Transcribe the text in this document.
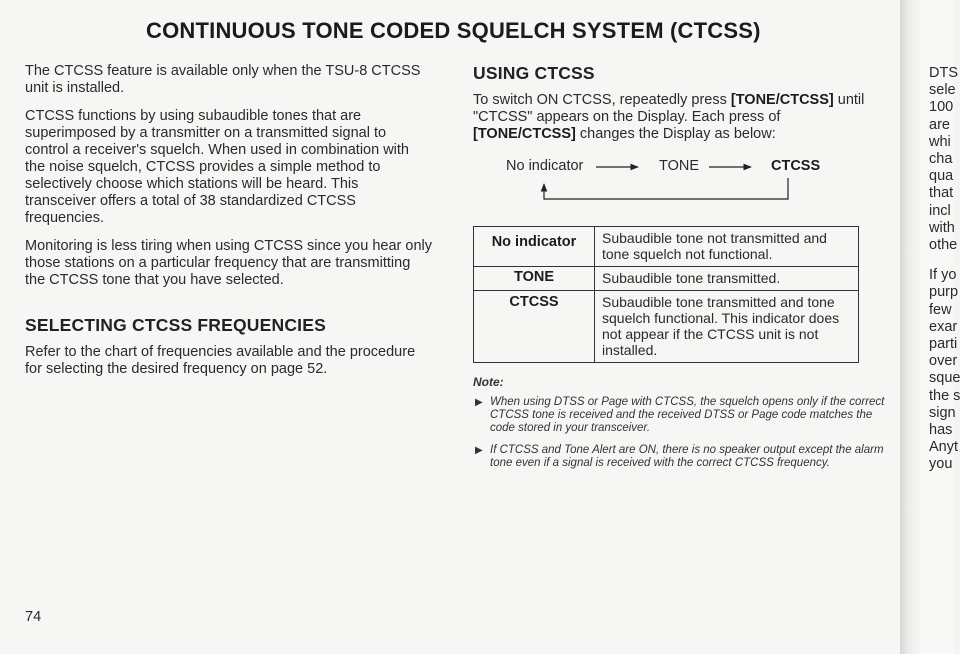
CONTINUOUS TONE CODED SQUELCH SYSTEM (CTCSS)

The CTCSS feature is available only when the TSU-8 CTCSS unit is installed.

CTCSS functions by using subaudible tones that are superimposed by a transmitter on a transmitted signal to control a receiver's squelch. When used in combination with the noise squelch, CTCSS provides a simple method to selectively choose which stations will be heard. This transceiver offers a total of 38 standardized CTCSS frequencies.

Monitoring is less tiring when using CTCSS since you hear only those stations on a particular frequency that are transmitting the CTCSS tone that you have selected.

SELECTING CTCSS FREQUENCIES

Refer to the chart of frequencies available and the procedure for selecting the desired frequency on page 52.

USING CTCSS

To switch ON CTCSS, repeatedly press [TONE/CTCSS] until "CTCSS" appears on the Display. Each press of [TONE/CTCSS] changes the Display as below:

No indicator	TONE	CTCSS
No indicator	Subaudible tone not transmitted and tone squelch not functional.
TONE	Subaudible tone transmitted.
CTCSS	Subaudible tone transmitted and tone squelch functional. This indicator does not appear if the CTCSS unit is not installed.
Note:
▶ When using DTSS or Page with CTCSS, the squelch opens only if the correct CTCSS tone is received and the received DTSS or Page code matches the code stored in your transceiver.
▶ If CTCSS and Tone Alert are ON, there is no speaker output except the alarm tone even if a signal is received with the correct CTCSS frequency.
74
DTS
sele
100
are
whi
cha
qua
that
incl
with
othe
If yo
purp
few
exar
parti
over
sque
the s
sign
has
Anyt
you
